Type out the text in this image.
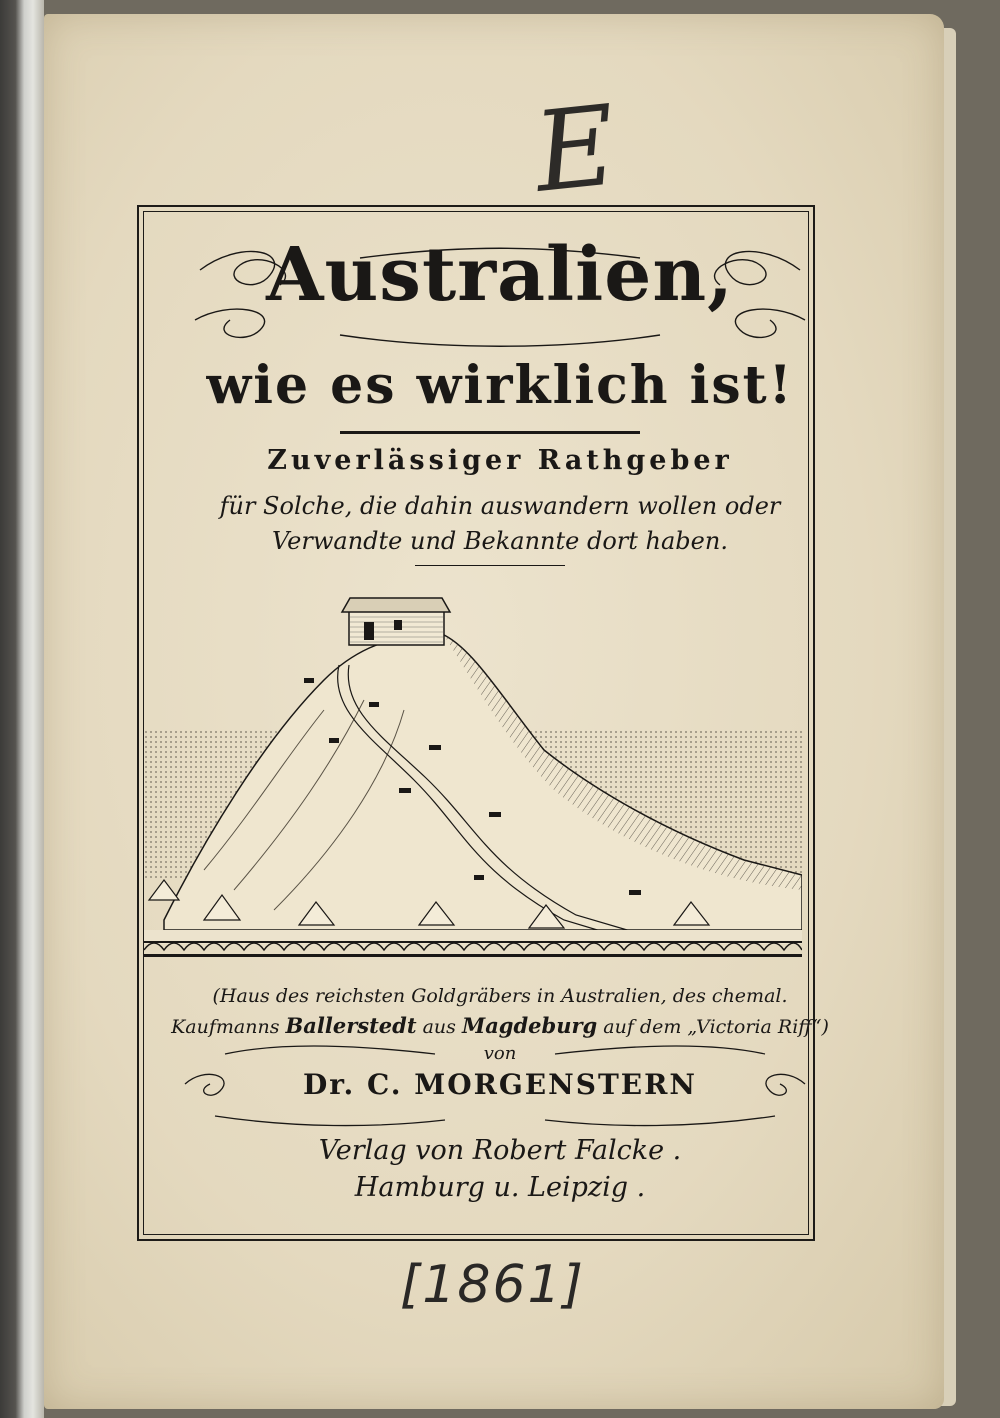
E
Australien,
wie es wirklich ist!
Zuverlässiger Rathgeber
für Solche, die dahin auswandern wollen oder
Verwandte und Bekannte dort haben.
(Haus des reichsten Goldgräbers in Australien, des chemal.
Kaufmanns Ballerstedt aus Magdeburg auf dem „Victoria Riff“)
von
Dr. C. MORGENSTERN
Verlag von Robert Falcke .
Hamburg u. Leipzig .
[1861]
